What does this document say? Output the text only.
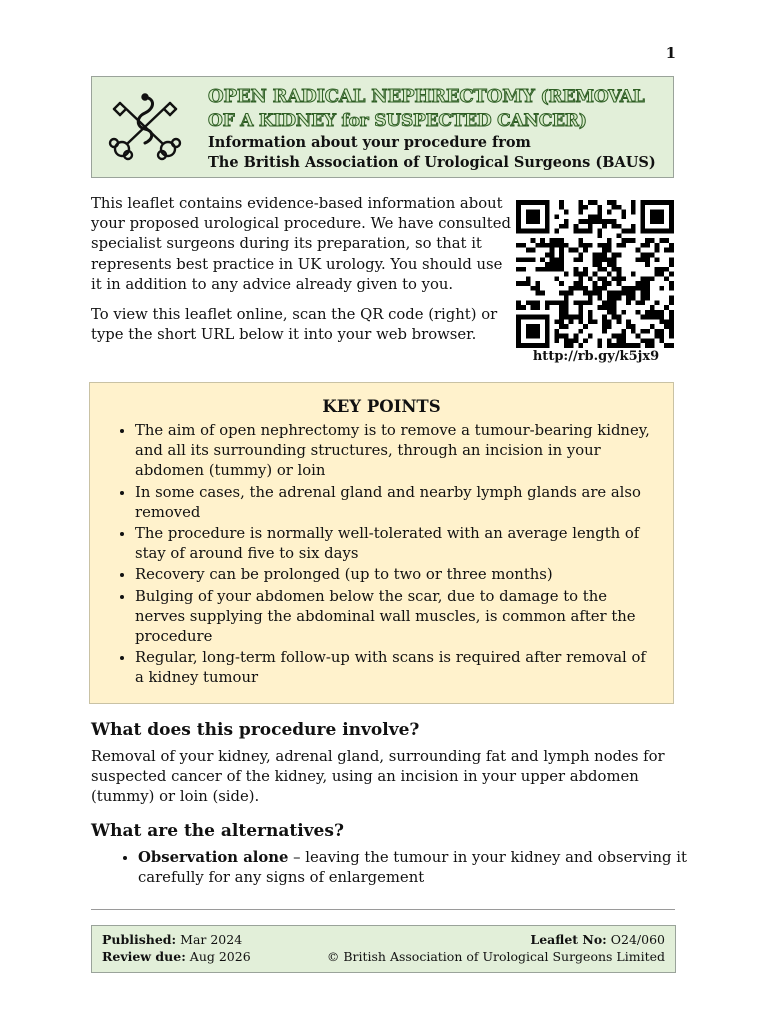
1
OPEN RADICAL NEPHRECTOMY (REMOVAL
OF A KIDNEY for SUSPECTED CANCER)
Information about your procedure from
The British Association of Urological Surgeons (BAUS)

This leaflet contains evidence-based information about your proposed urological procedure. We have consulted specialist surgeons during its preparation, so that it represents best practice in UK urology. You should use it in addition to any advice already given to you.

To view this leaflet online, scan the QR code (right) or type the short URL below it into your web browser.

http://rb.gy/k5jx9
KEY POINTS
• The aim of open nephrectomy is to remove a tumour-bearing kidney, and all its surrounding structures, through an incision in your abdomen (tummy) or loin
• In some cases, the adrenal gland and nearby lymph glands are also removed
• The procedure is normally well-tolerated with an average length of stay of around five to six days
• Recovery can be prolonged (up to two or three months)
• Bulging of your abdomen below the scar, due to damage to the nerves supplying the abdominal wall muscles, is common after the procedure
• Regular, long-term follow-up with scans is required after removal of a kidney tumour
What does this procedure involve?
Removal of your kidney, adrenal gland, surrounding fat and lymph nodes for suspected cancer of the kidney, using an incision in your upper abdomen (tummy) or loin (side).
What are the alternatives?
• Observation alone – leaving the tumour in your kidney and observing it carefully for any signs of enlargement
Published: Mar 2024	Leaflet No: O24/060
Review due: Aug 2026	© British Association of Urological Surgeons Limited
